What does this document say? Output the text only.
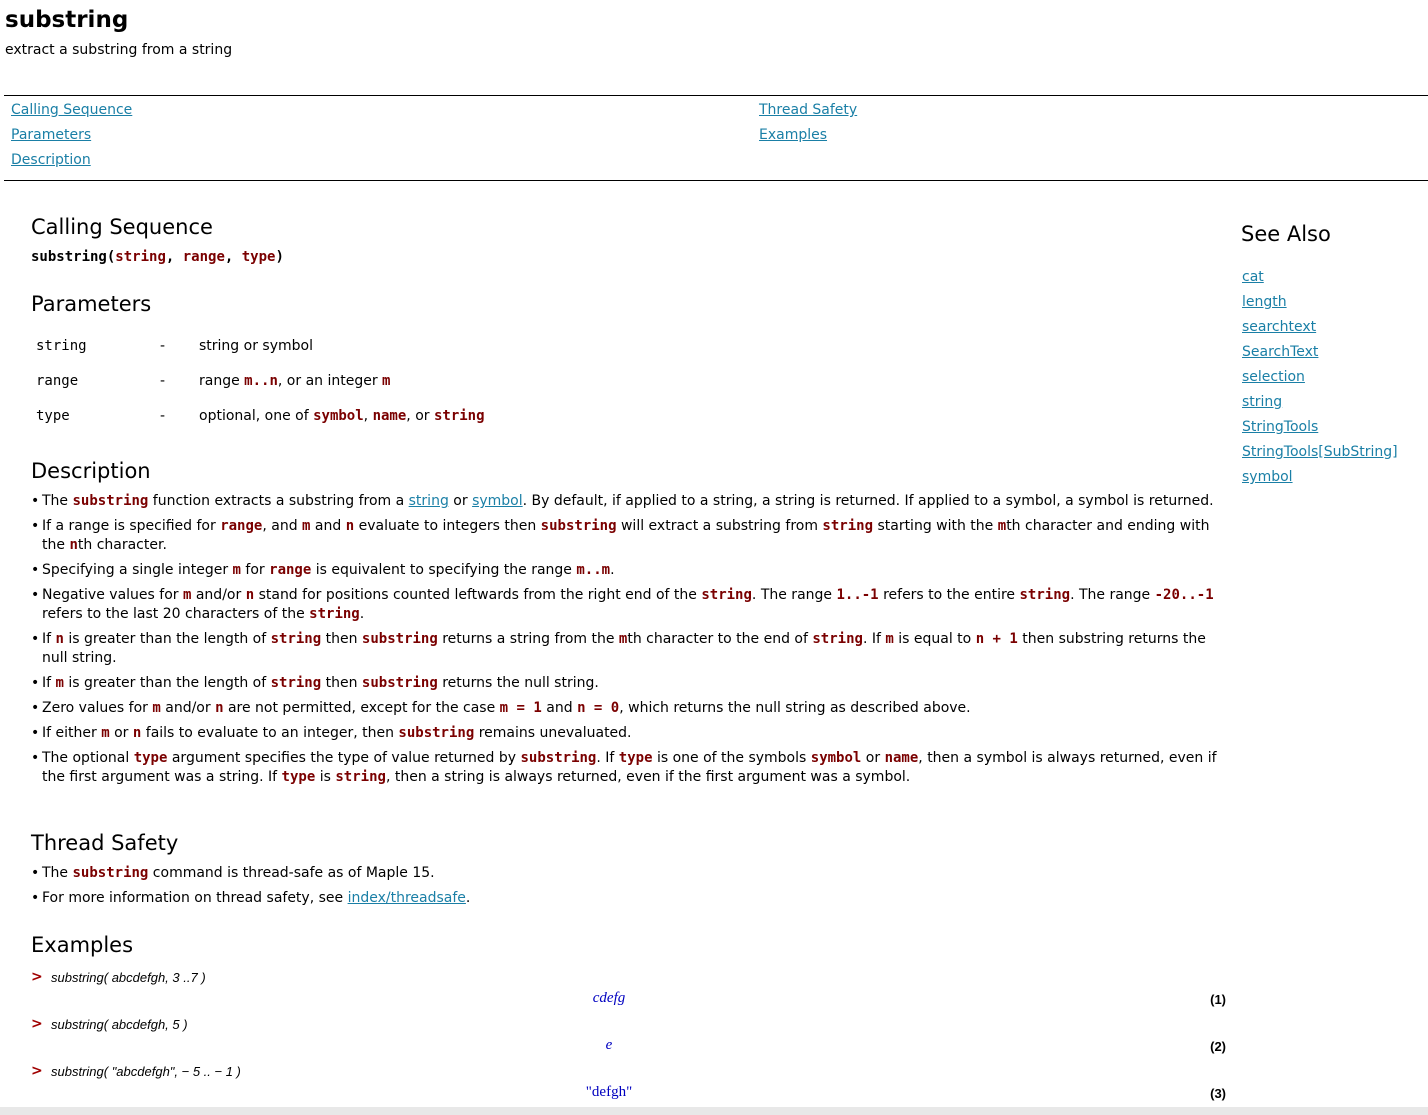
substring
extract a substring from a string
Calling Sequence
Parameters
Description
Thread Safety
Examples
Calling Sequence
substring(string, range, type)
Parameters
string	- string or symbol
range	- range m..n, or an integer m
type	- optional, one of symbol, name, or string
Description
• The substring function extracts a substring from a string or symbol. By default, if applied to a string, a string is returned. If applied to a symbol, a symbol is returned.
• If a range is specified for range, and m and n evaluate to integers then substring will extract a substring from string starting with the mth character and ending with the nth character.
• Specifying a single integer m for range is equivalent to specifying the range m..m.
• Negative values for m and/or n stand for positions counted leftwards from the right end of the string. The range 1..-1 refers to the entire string. The range -20..-1 refers to the last 20 characters of the string.
• If n is greater than the length of string then substring returns a string from the mth character to the end of string. If m is equal to n + 1 then substring returns the null string.
• If m is greater than the length of string then substring returns the null string.
• Zero values for m and/or n are not permitted, except for the case m = 1 and n = 0, which returns the null string as described above.
• If either m or n fails to evaluate to an integer, then substring remains unevaluated.
• The optional type argument specifies the type of value returned by substring. If type is one of the symbols symbol or name, then a symbol is always returned, even if the first argument was a string. If type is string, then a string is always returned, even if the first argument was a symbol.
Thread Safety
• The substring command is thread-safe as of Maple 15.
• For more information on thread safety, see index/threadsafe.
Examples
> substring( abcdefgh, 3 ..7 )
cdefg	(1)
> substring( abcdefgh, 5 )
e	(2)
> substring( "abcdefgh", − 5 .. − 1 )
"defgh"	(3)
See Also
cat
length
searchtext
SearchText
selection
string
StringTools
StringTools[SubString]
symbol
